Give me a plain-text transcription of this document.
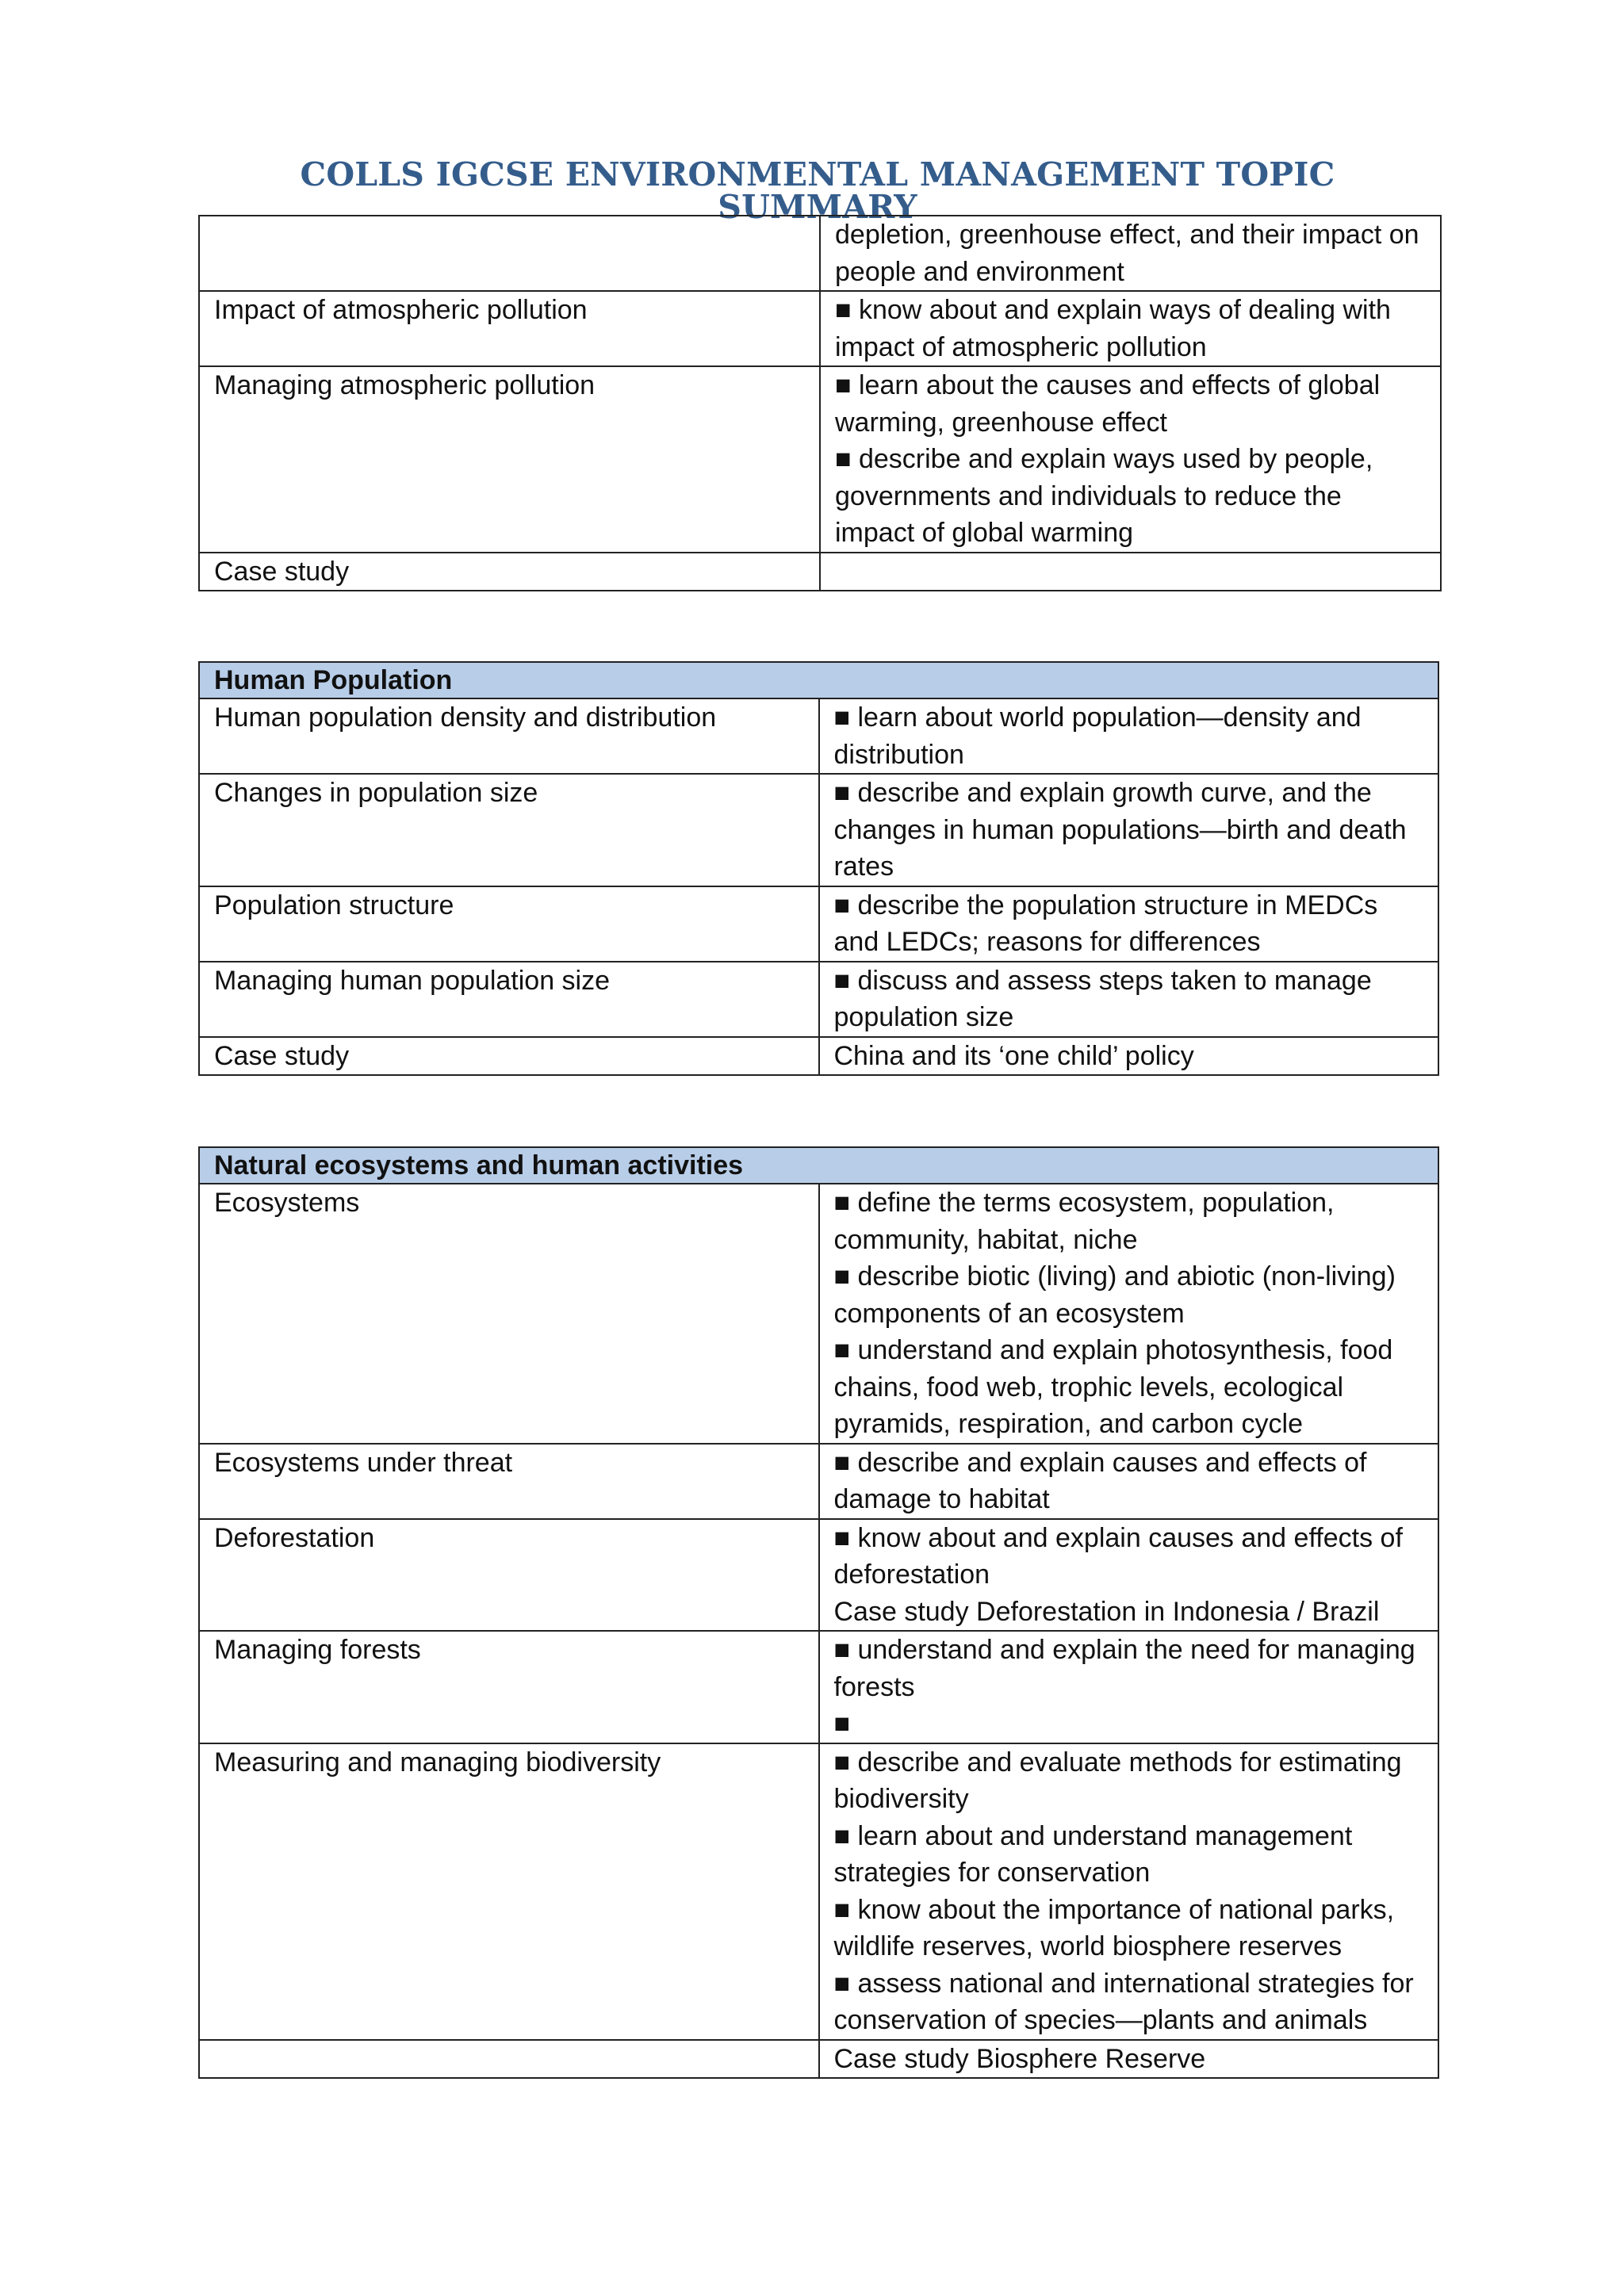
COLLS IGCSE ENVIRONMENTAL MANAGEMENT TOPIC SUMMARY

	depletion, greenhouse effect, and their impact on people and environment

Impact of atmospheric pollution	■ know about and explain ways of dealing with impact of atmospheric pollution

Managing atmospheric pollution	■ learn about the causes and effects of global warming, greenhouse effect
■ describe and explain ways used by people, governments and individuals to reduce the impact of global warming

Case study	

Human Population	
Human population density and distribution	■ learn about world population—density and distribution

Changes in population size	■ describe and explain growth curve, and the changes in human populations—birth and death rates

Population structure	■ describe the population structure in MEDCs and LEDCs; reasons for differences

Managing human population size	■ discuss and assess steps taken to manage population size

Case study	China and its ‘one child’ policy
Natural ecosystems and human activities	
Ecosystems	■ define the terms ecosystem, population, community, habitat, niche
■ describe biotic (living) and abiotic (non-living) components of an ecosystem
■ understand and explain photosynthesis, food chains, food web, trophic levels, ecological pyramids, respiration, and carbon cycle

Ecosystems under threat	■ describe and explain causes and effects of damage to habitat

Deforestation	■ know about and explain causes and effects of deforestation
Case study Deforestation in Indonesia / Brazil

Managing forests	■ understand and explain the need for managing forests
■

Measuring and managing biodiversity	■ describe and evaluate methods for estimating biodiversity
■ learn about and understand management strategies for conservation
■ know about the importance of national parks, wildlife reserves, world biosphere reserves
■ assess national and international strategies for conservation of species—plants and animals

	Case study Biosphere Reserve
